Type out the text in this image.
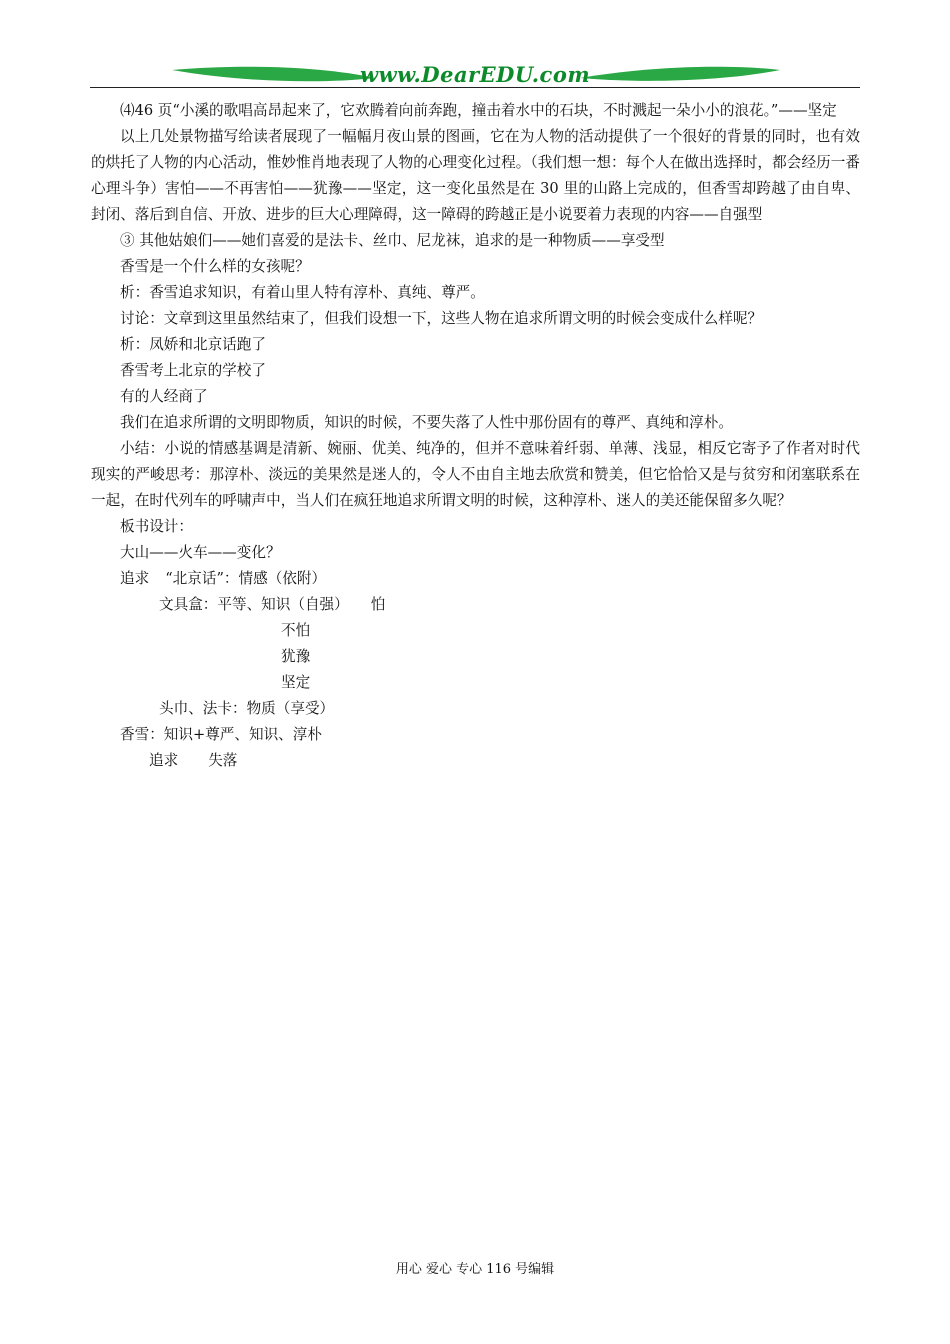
www.DearEDU.com

⑷46 页“小溪的歌唱高昂起来了，它欢腾着向前奔跑，撞击着水中的石块，不时溅起一朵小小的浪花。”——坚定

以上几处景物描写给读者展现了一幅幅月夜山景的图画，它在为人物的活动提供了一个很好的背景的同时，也有效的烘托了人物的内心活动，惟妙惟肖地表现了人物的心理变化过程。（我们想一想：每个人在做出选择时，都会经历一番心理斗争）害怕——不再害怕——犹豫——坚定，这一变化虽然是在 30 里的山路上完成的，但香雪却跨越了由自卑、封闭、落后到自信、开放、进步的巨大心理障碍，这一障碍的跨越正是小说要着力表现的内容——自强型

③ 其他姑娘们——她们喜爱的是法卡、丝巾、尼龙袜，追求的是一种物质——享受型

香雪是一个什么样的女孩呢？

析：香雪追求知识，有着山里人特有淳朴、真纯、尊严。

讨论：文章到这里虽然结束了，但我们设想一下，这些人物在追求所谓文明的时候会变成什么样呢？

析：凤娇和北京话跑了

香雪考上北京的学校了

有的人经商了

我们在追求所谓的文明即物质，知识的时候，不要失落了人性中那份固有的尊严、真纯和淳朴。

小结：小说的情感基调是清新、婉丽、优美、纯净的，但并不意味着纤弱、单薄、浅显，相反它寄予了作者对时代现实的严峻思考：那淳朴、淡远的美果然是迷人的，令人不由自主地去欣赏和赞美，但它恰恰又是与贫穷和闭塞联系在一起，在时代列车的呼啸声中，当人们在疯狂地追求所谓文明的时候，这种淳朴、迷人的美还能保留多久呢？

板书设计：

大山——火车——变化？

追求 “北京话”：情感（依附）

文具盒：平等、知识（自强） 怕

不怕

犹豫

坚定

头巾、法卡：物质（享受）

香雪：知识+尊严、知识、淳朴

追求 失落

用心 爱心 专心 116 号编辑
